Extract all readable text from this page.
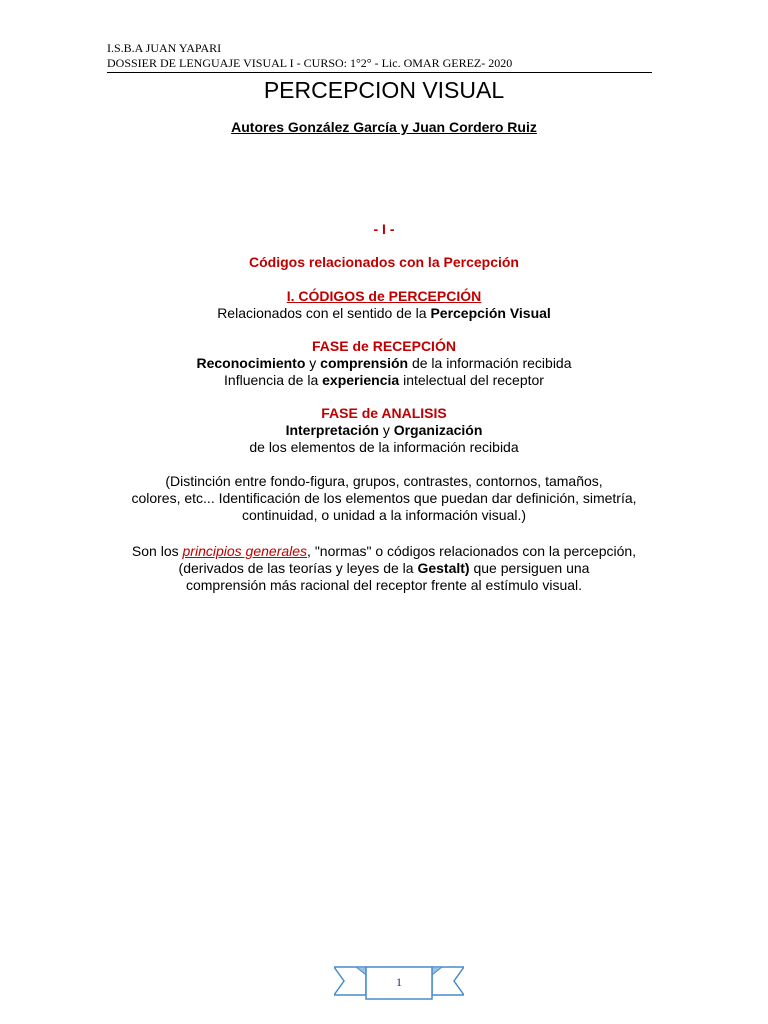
I.S.B.A JUAN YAPARI
DOSSIER DE LENGUAJE VISUAL I - CURSO: 1°2° - Lic. OMAR GEREZ- 2020
PERCEPCION VISUAL
Autores González García y Juan Cordero Ruiz
- I -
Códigos relacionados con la Percepción
I. CÓDIGOS de PERCEPCIÓN
Relacionados con el sentido de la Percepción Visual
FASE de RECEPCIÓN
Reconocimiento y comprensión de la información recibida
Influencia de la experiencia intelectual del receptor
FASE de ANALISIS
Interpretación y Organización
de los elementos de la información recibida
(Distinción entre fondo-figura, grupos, contrastes, contornos, tamaños,
colores, etc... Identificación de los elementos que puedan dar definición, simetría,
continuidad, o unidad a la información visual.)
Son los principios generales, "normas" o códigos relacionados con la percepción,
(derivados de las teorías y leyes de la Gestalt) que persiguen una
comprensión más racional del receptor frente al estímulo visual.
1
